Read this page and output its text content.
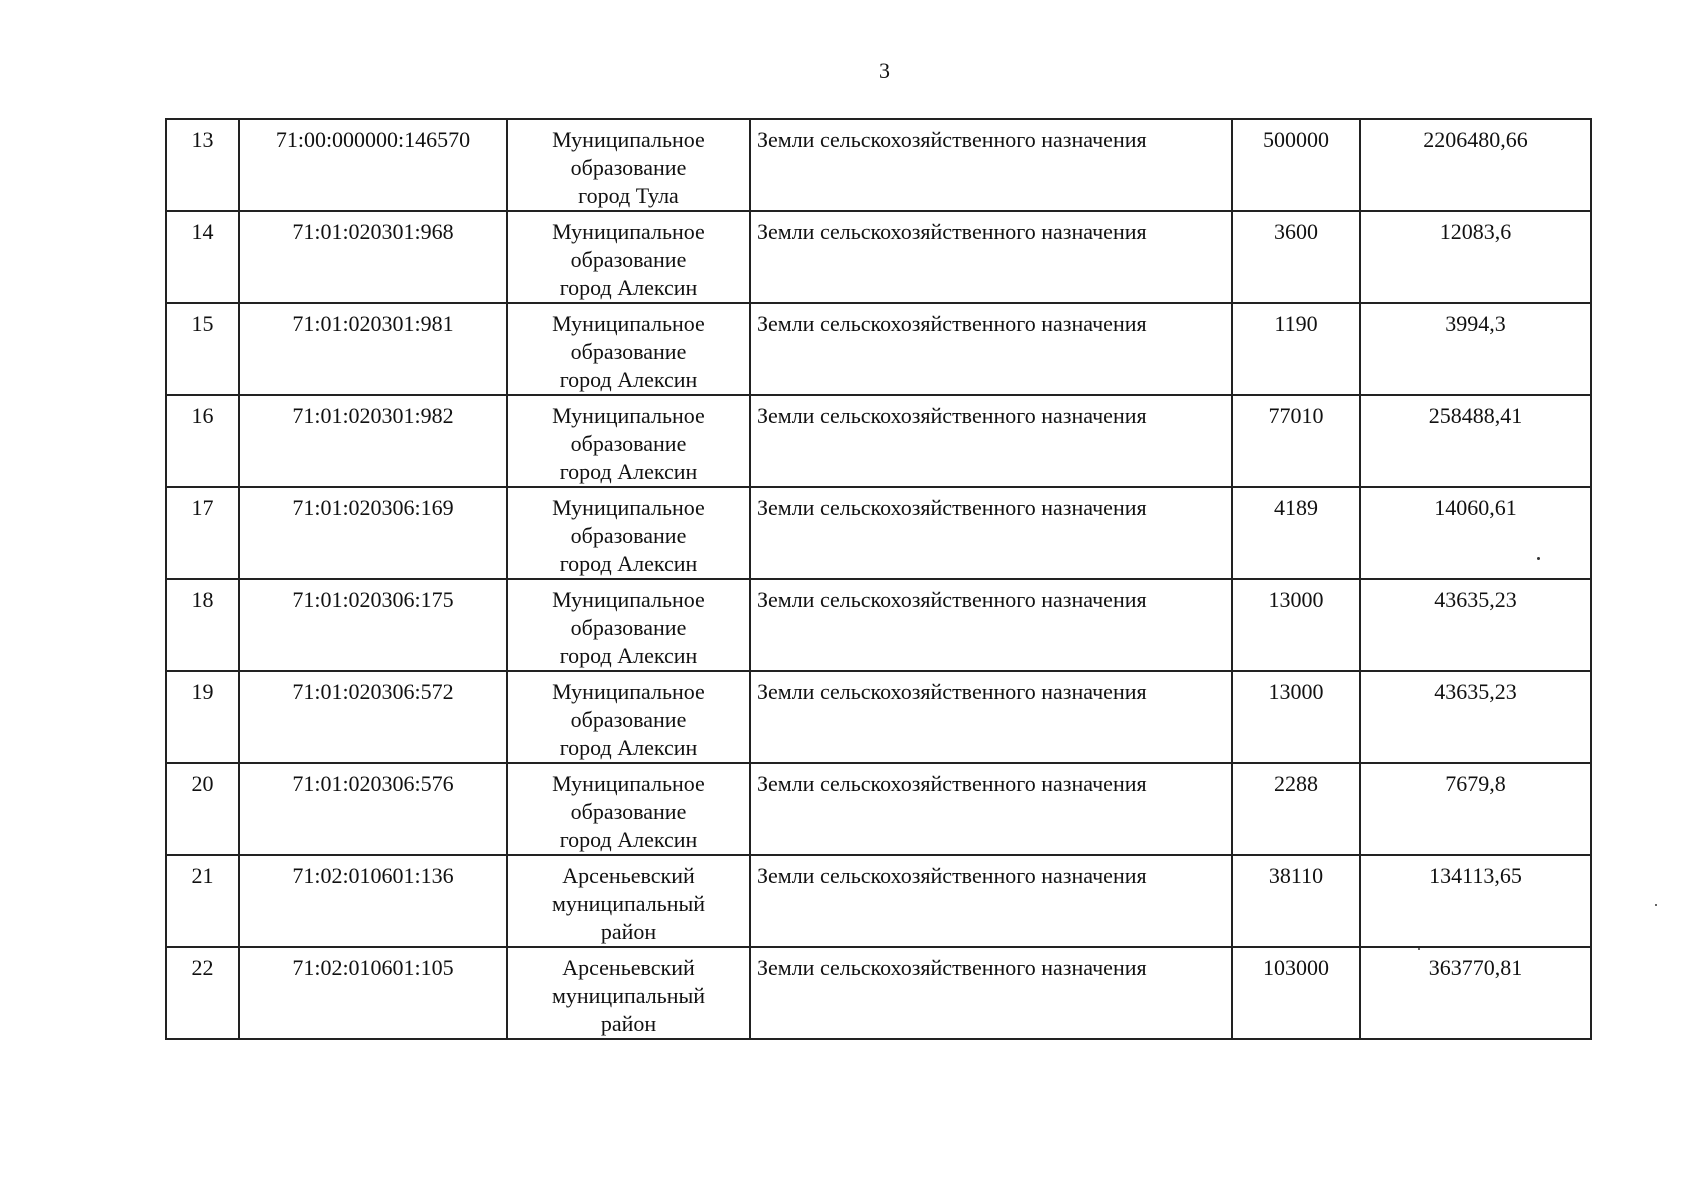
3
13	71:00:000000:146570	Муниципальное
образование
город Тула	Земли сельскохозяйственного назначения	500000	2206480,66
14	71:01:020301:968	Муниципальное
образование
город Алексин	Земли сельскохозяйственного назначения	3600	12083,6
15	71:01:020301:981	Муниципальное
образование
город Алексин	Земли сельскохозяйственного назначения	1190	3994,3
16	71:01:020301:982	Муниципальное
образование
город Алексин	Земли сельскохозяйственного назначения	77010	258488,41
17	71:01:020306:169	Муниципальное
образование
город Алексин	Земли сельскохозяйственного назначения	4189	14060,61
18	71:01:020306:175	Муниципальное
образование
город Алексин	Земли сельскохозяйственного назначения	13000	43635,23
19	71:01:020306:572	Муниципальное
образование
город Алексин	Земли сельскохозяйственного назначения	13000	43635,23
20	71:01:020306:576	Муниципальное
образование
город Алексин	Земли сельскохозяйственного назначения	2288	7679,8
21	71:02:010601:136	Арсеньевский
муниципальный
район	Земли сельскохозяйственного назначения	38110	134113,65
22	71:02:010601:105	Арсеньевский
муниципальный
район	Земли сельскохозяйственного назначения	103000	363770,81
